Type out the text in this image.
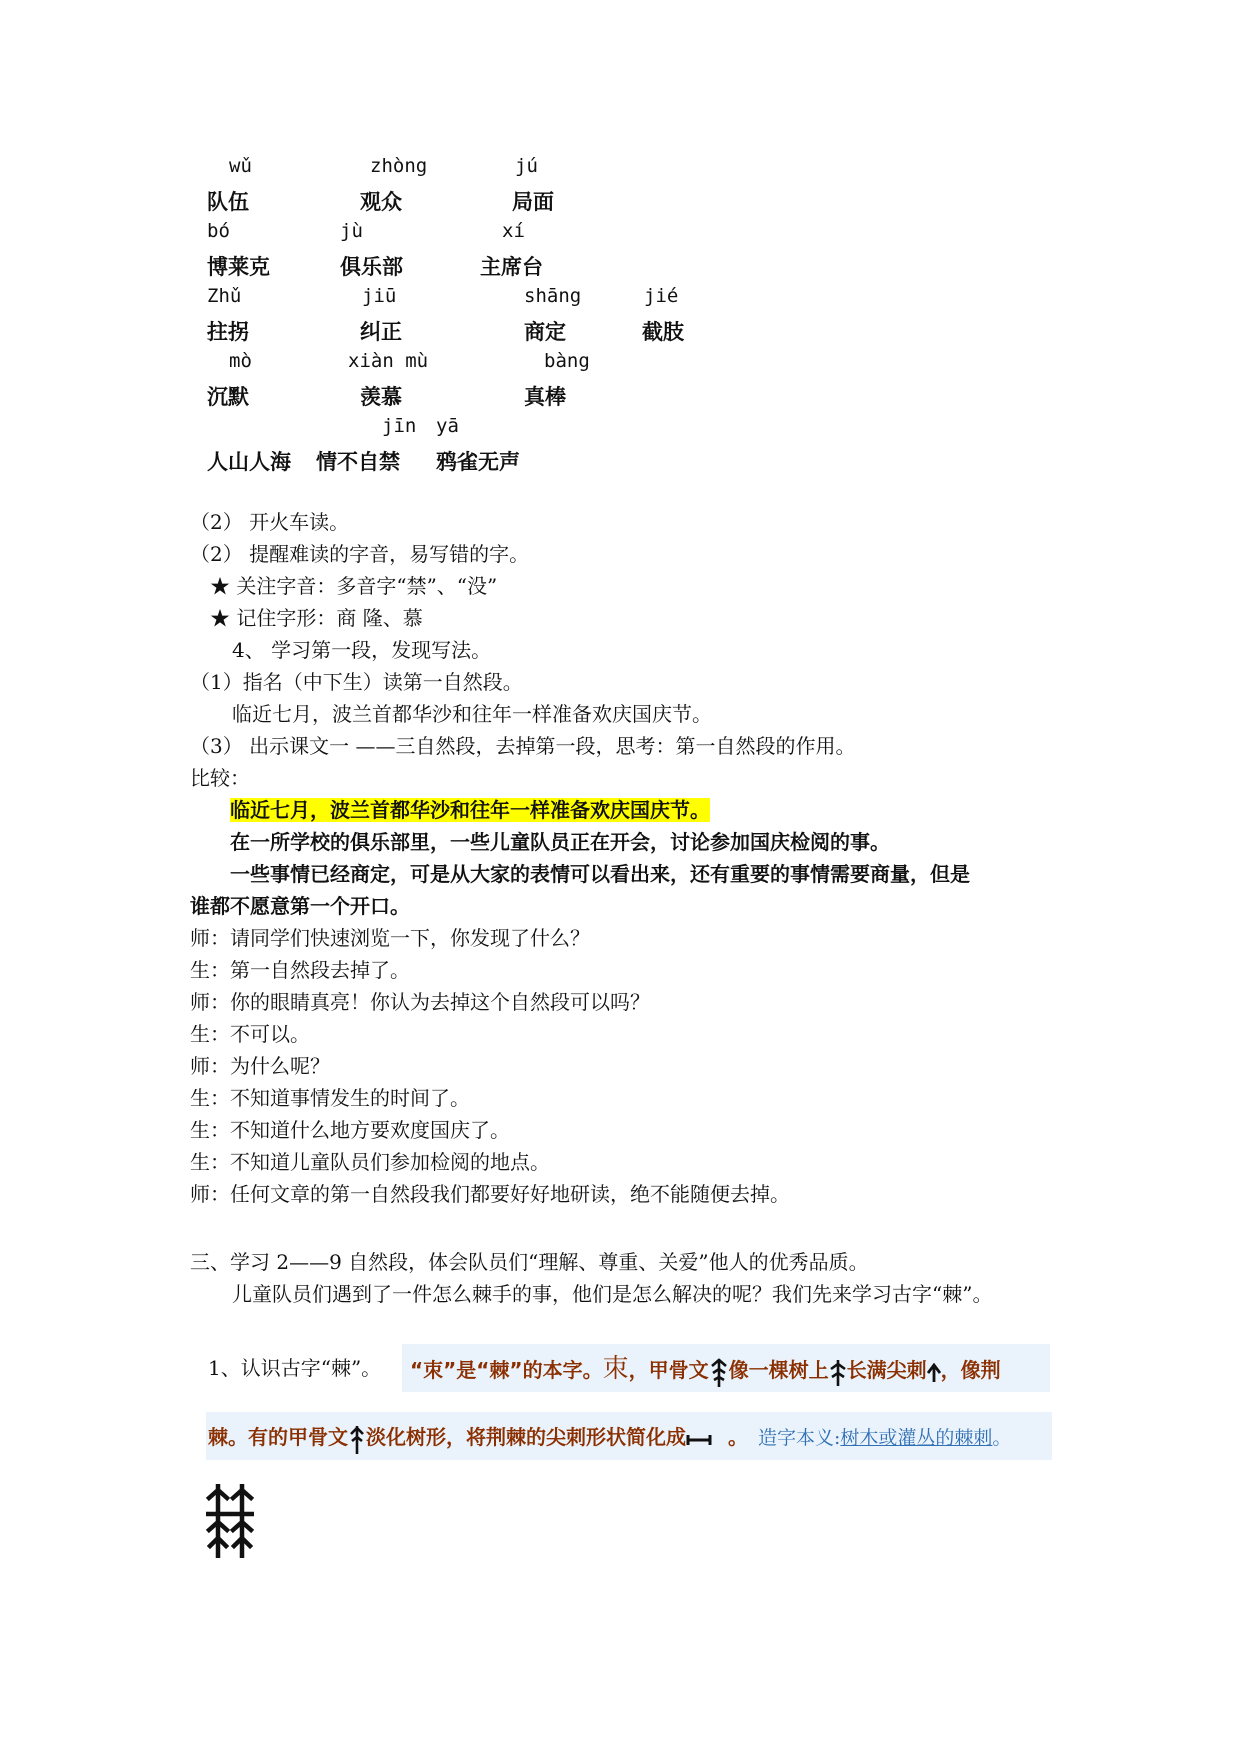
wǔ	zhòng	jú
队伍	观众	局面
bó	jù	xí
博莱克	俱乐部	主席台
Zhǔ	jiū	shāng	jié
拄拐	纠正	商定	截肢
mò	xiàn mù	bàng
沉默	羡慕	真棒
jīn yā
人山人海 情不自禁 鸦雀无声
（2） 开火车读。
（2） 提醒难读的字音，易写错的字。
★ 关注字音：多音字“禁”、“没”
★ 记住字形：商 隆、慕
4、 学习第一段，发现写法。
（1）指名（中下生）读第一自然段。
临近七月，波兰首都华沙和往年一样准备欢庆国庆节。
（3） 出示课文一 ——三自然段，去掉第一段，思考：第一自然段的作用。
比较：
临近七月，波兰首都华沙和往年一样准备欢庆国庆节。
在一所学校的俱乐部里，一些儿童队员正在开会，讨论参加国庆检阅的事。
一些事情已经商定，可是从大家的表情可以看出来，还有重要的事情需要商量，但是
谁都不愿意第一个开口。
师：请同学们快速浏览一下，你发现了什么？
生：第一自然段去掉了。
师：你的眼睛真亮！你认为去掉这个自然段可以吗？
生：不可以。
师：为什么呢？
生：不知道事情发生的时间了。
生：不知道什么地方要欢度国庆了。
生：不知道儿童队员们参加检阅的地点。
师：任何文章的第一自然段我们都要好好地研读，绝不能随便去掉。
三、学习 2——9 自然段，体会队员们“理解、尊重、关爱”他人的优秀品质。
儿童队员们遇到了一件怎么棘手的事，他们是怎么解决的呢？我们先来学习古字“棘”。
1、认识古字“棘”。 “朿”是“棘”的本字。朿，甲骨文 像一棵树上 长满尖刺 ，像荆
棘。有的甲骨文 淡化树形，将荆棘的尖刺形状简化成 。 造字本义:树木或灌丛的棘刺。
